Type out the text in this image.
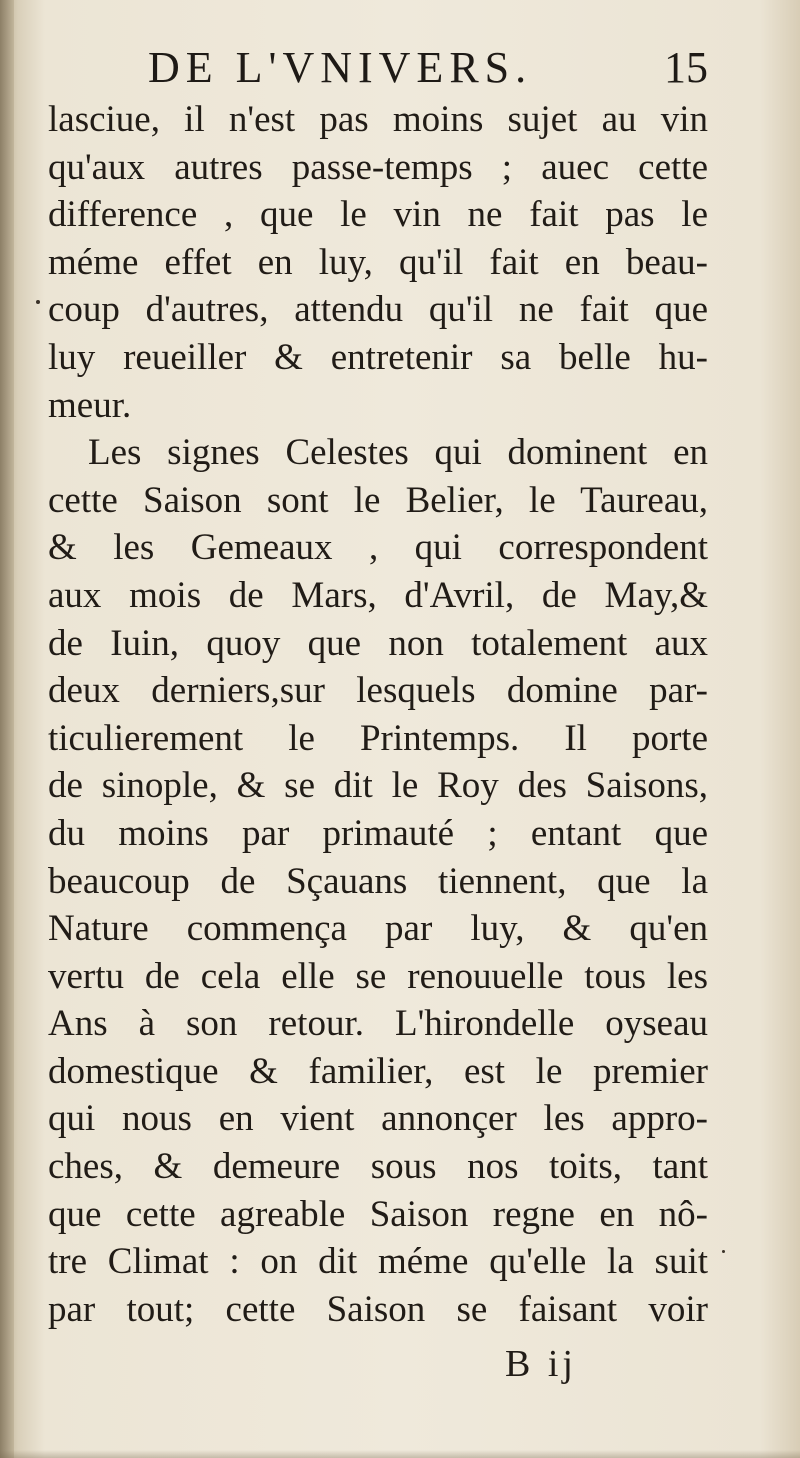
DE L'VNIVERS.	15
lasciue, il n'est pas moins sujet au vin
qu'aux autres passe-temps ; auec cette
difference , que le vin ne fait pas le
méme effet en luy, qu'il fait en beau-
coup d'autres, attendu qu'il ne fait que
luy reueiller & entretenir sa belle hu-
meur.
Les signes Celestes qui dominent en
cette Saison sont le Belier, le Taureau,
& les Gemeaux , qui correspondent
aux mois de Mars, d'Avril, de May,&
de Iuin, quoy que non totalement aux
deux derniers,sur lesquels domine par-
ticulierement le Printemps. Il porte
de sinople, & se dit le Roy des Saisons,
du moins par primauté ; entant que
beaucoup de Sçauans tiennent, que la
Nature commença par luy, & qu'en
vertu de cela elle se renouuelle tous les
Ans à son retour. L'hirondelle oyseau
domestique & familier, est le premier
qui nous en vient annonçer les appro-
ches, & demeure sous nos toits, tant
que cette agreable Saison regne en nô-
tre Climat : on dit méme qu'elle la suit
par tout; cette Saison se faisant voir
B ij
